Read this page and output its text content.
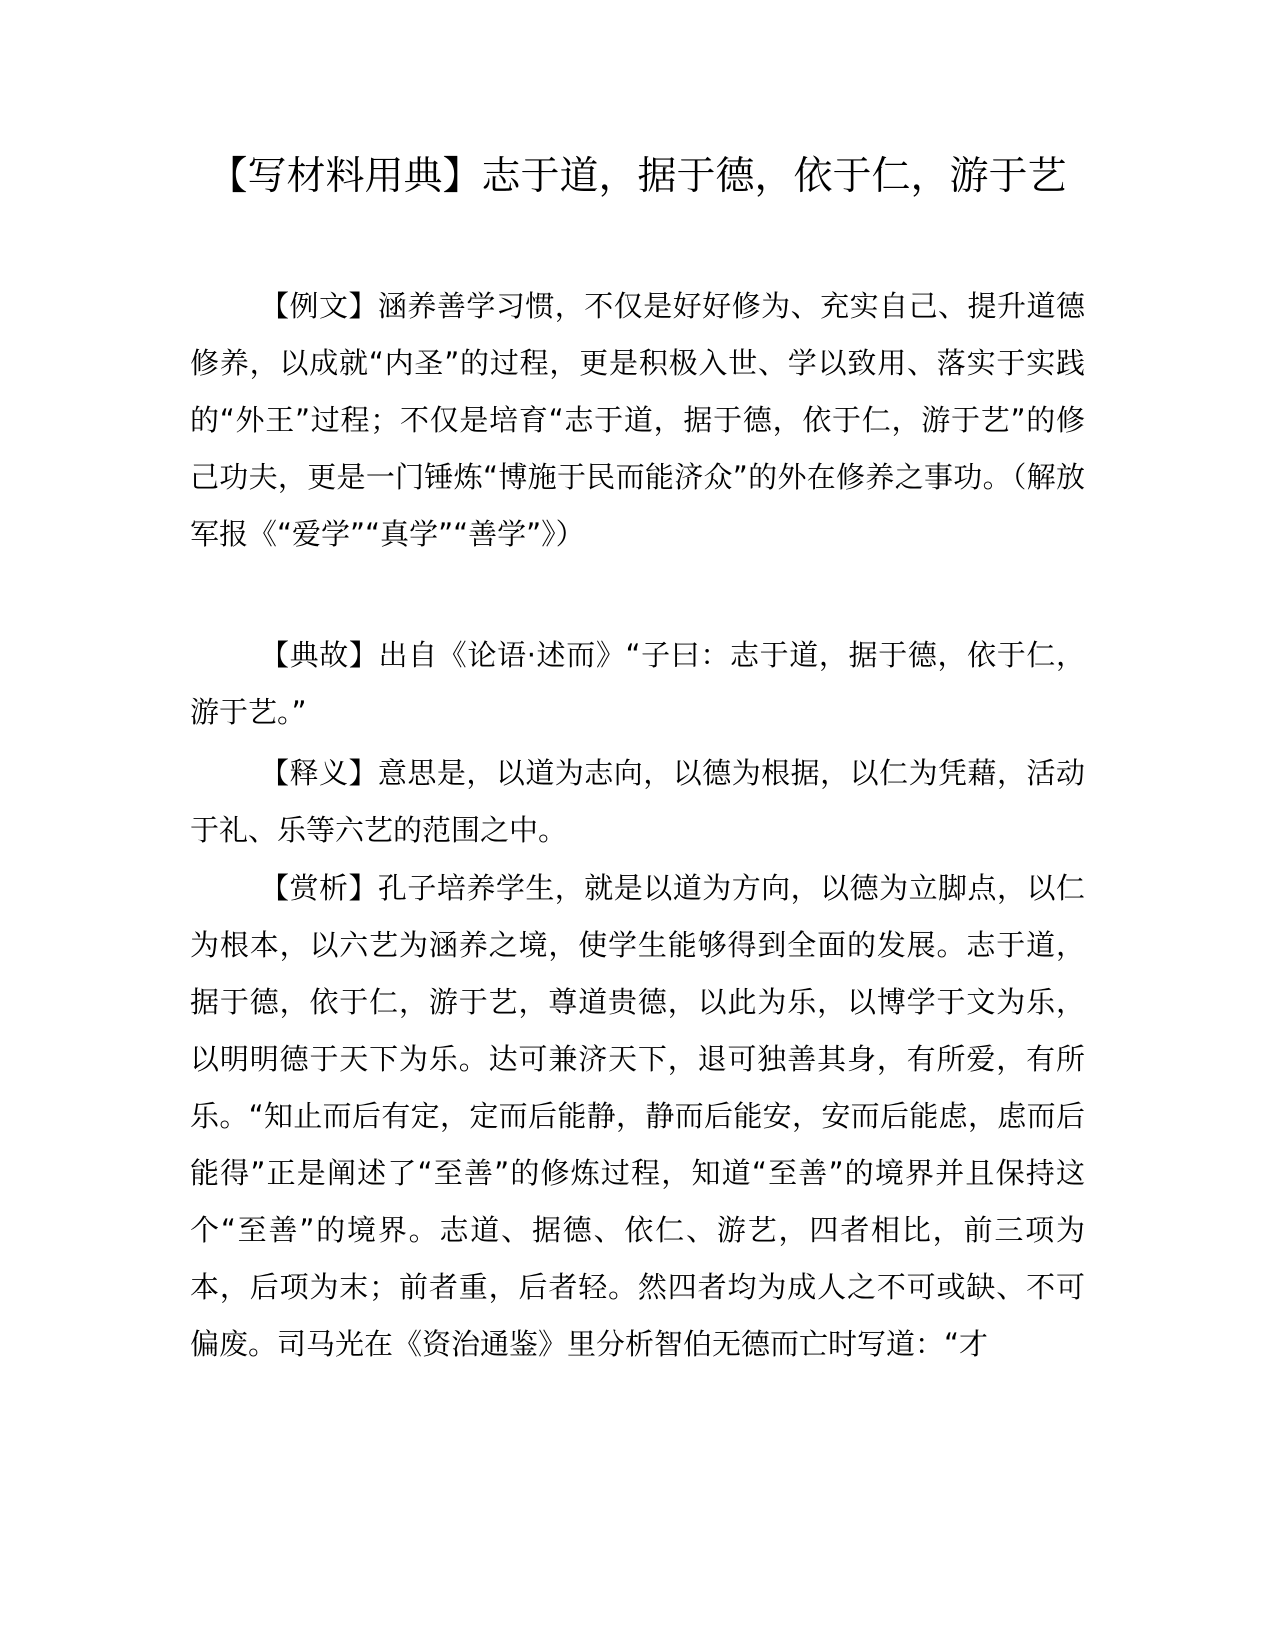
【写材料用典】志于道，据于德，依于仁，游于艺

【例文】涵养善学习惯，不仅是好好修为、充实自己、提升道德修养，以成就“内圣”的过程，更是积极入世、学以致用、落实于实践的“外王”过程；不仅是培育“志于道，据于德，依于仁，游于艺”的修己功夫，更是一门锤炼“博施于民而能济众”的外在修养之事功。（解放军报《“爱学”“真学”“善学”》）

【典故】出自《论语·述而》“子曰：志于道，据于德，依于仁，游于艺。”

【释义】意思是，以道为志向，以德为根据，以仁为凭藉，活动于礼、乐等六艺的范围之中。

【赏析】孔子培养学生，就是以道为方向，以德为立脚点，以仁为根本，以六艺为涵养之境，使学生能够得到全面的发展。志于道，据于德，依于仁，游于艺，尊道贵德，以此为乐，以博学于文为乐，以明明德于天下为乐。达可兼济天下，退可独善其身，有所爱，有所乐。“知止而后有定，定而后能静，静而后能安，安而后能虑，虑而后能得”正是阐述了“至善”的修炼过程，知道“至善”的境界并且保持这个“至善”的境界。志道、据德、依仁、游艺，四者相比，前三项为本，后项为末；前者重，后者轻。然四者均为成人之不可或缺、不可偏废。司马光在《资治通鉴》里分析智伯无德而亡时写道：“才
